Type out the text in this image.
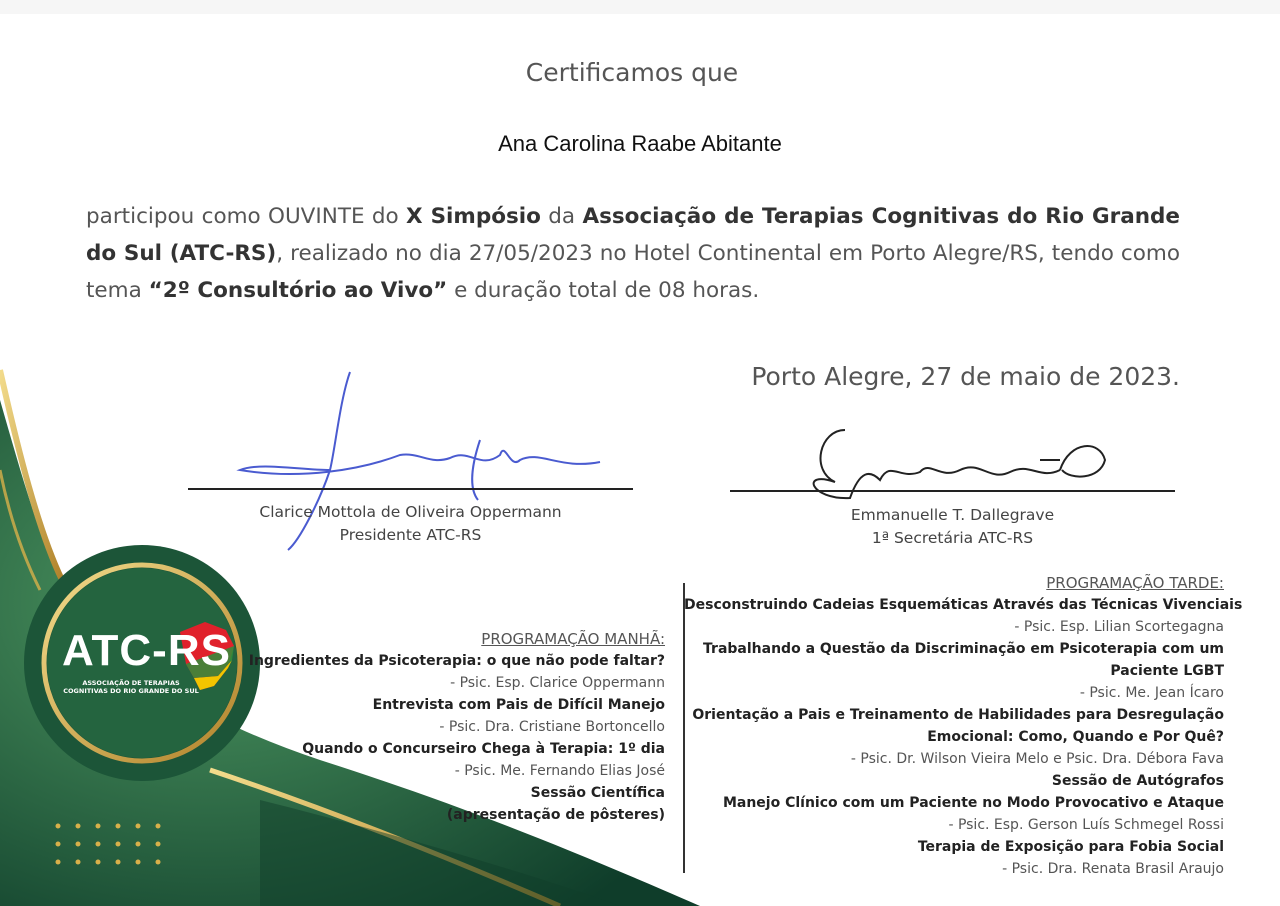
Certificamos que
Ana Carolina Raabe Abitante
participou como OUVINTE do X Simpósio da Associação de Terapias Cognitivas do Rio Grande do Sul (ATC-RS), realizado no dia 27/05/2023 no Hotel Continental em Porto Alegre/RS, tendo como tema “2º Consultório ao Vivo” e duração total de 08 horas.
Porto Alegre, 27 de maio de 2023.
Clarice Mottola de Oliveira Oppermann
Presidente ATC-RS
Emmanuelle T. Dallegrave
1ª Secretária ATC-RS
ATC-RS
ASSOCIAÇÃO DE TERAPIAS
COGNITIVAS DO RIO GRANDE DO SUL
PROGRAMAÇÃO MANHÃ:
Ingredientes da Psicoterapia: o que não pode faltar?
- Psic. Esp. Clarice Oppermann
Entrevista com Pais de Difícil Manejo
- Psic. Dra. Cristiane Bortoncello
Quando o Concurseiro Chega à Terapia: 1º dia
- Psic. Me. Fernando Elias José
Sessão Científica
(apresentação de pôsteres)
PROGRAMAÇÃO TARDE:
Desconstruindo Cadeias Esquemáticas Através das Técnicas Vivenciais
- Psic. Esp. Lilian Scortegagna
Trabalhando a Questão da Discriminação em Psicoterapia com um
Paciente LGBT
- Psic. Me. Jean Ícaro
Orientação a Pais e Treinamento de Habilidades para Desregulação
Emocional: Como, Quando e Por Quê?
- Psic. Dr. Wilson Vieira Melo e Psic. Dra. Débora Fava
Sessão de Autógrafos
Manejo Clínico com um Paciente no Modo Provocativo e Ataque
- Psic. Esp. Gerson Luís Schmegel Rossi
Terapia de Exposição para Fobia Social
- Psic. Dra. Renata Brasil Araujo
